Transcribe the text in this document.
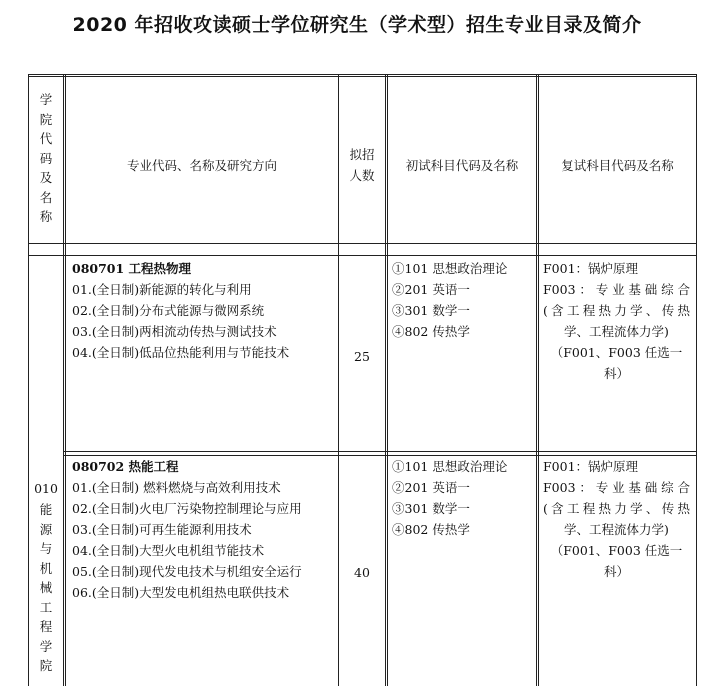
2020 年招收攻读硕士学位研究生（学术型）招生专业目录及简介
学院代码及名称
专业代码、名称及研究方向
拟招
人数
初试科目代码及名称	复试科目代码及名称
010
能源与机械工程学院
080701 工程热物理
01.(全日制)新能源的转化与利用
02.(全日制)分布式能源与微网系统
03.(全日制)两相流动传热与测试技术
04.(全日制)低品位热能利用与节能技术	25
①101 思想政治理论
②201 英语一
③301 数学一
④802 传热学
F001：锅炉原理
F003：专业基础综合
(含工程热力学、传热
学、工程流体力学)
（F001、F003 任选一科）
080702 热能工程
01.(全日制) 燃料燃烧与高效利用技术
02.(全日制)火电厂污染物控制理论与应用
03.(全日制)可再生能源利用技术
04.(全日制)大型火电机组节能技术
05.(全日制)现代发电技术与机组安全运行
06.(全日制)大型发电机组热电联供技术
40
①101 思想政治理论
②201 英语一
③301 数学一
④802 传热学
F001：锅炉原理
F003：专业基础综合
(含工程热力学、传热
学、工程流体力学)
（F001、F003 任选一科）
